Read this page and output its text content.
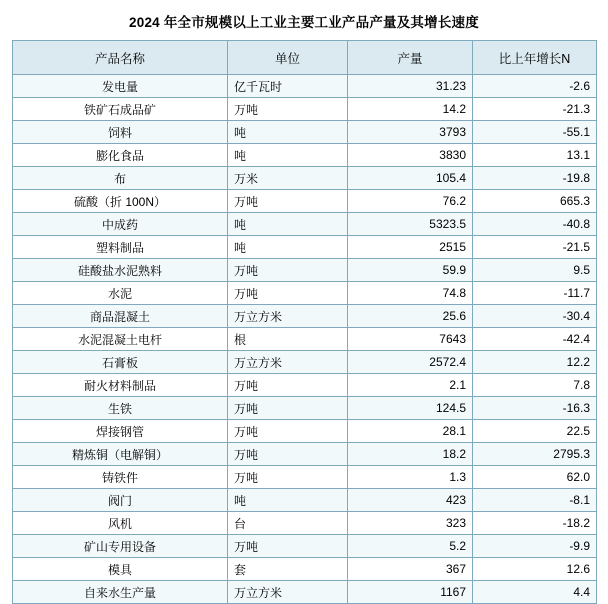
2024 年全市规模以上工业主要工业产品产量及其增长速度
产品名称	单位	产量	比上年增长N
发电量	亿千瓦时	31.23	-2.6
铁矿石成品矿	万吨	14.2	-21.3
饲料	吨	3793	-55.1
膨化食品	吨	3830	13.1
布	万米	105.4	-19.8
硫酸（折 100N）	万吨	76.2	665.3
中成药	吨	5323.5	-40.8
塑料制品	吨	2515	-21.5
硅酸盐水泥熟料	万吨	59.9	9.5
水泥	万吨	74.8	-11.7
商品混凝土	万立方米	25.6	-30.4
水泥混凝土电杆	根	7643	-42.4
石膏板	万立方米	2572.4	12.2
耐火材料制品	万吨	2.1	7.8
生铁	万吨	124.5	-16.3
焊接钢管	万吨	28.1	22.5
精炼铜（电解铜）	万吨	18.2	2795.3
铸铁件	万吨	1.3	62.0
阀门	吨	423	-8.1
风机	台	323	-18.2
矿山专用设备	万吨	5.2	-9.9
模具	套	367	12.6
自来水生产量	万立方米	1167	4.4
